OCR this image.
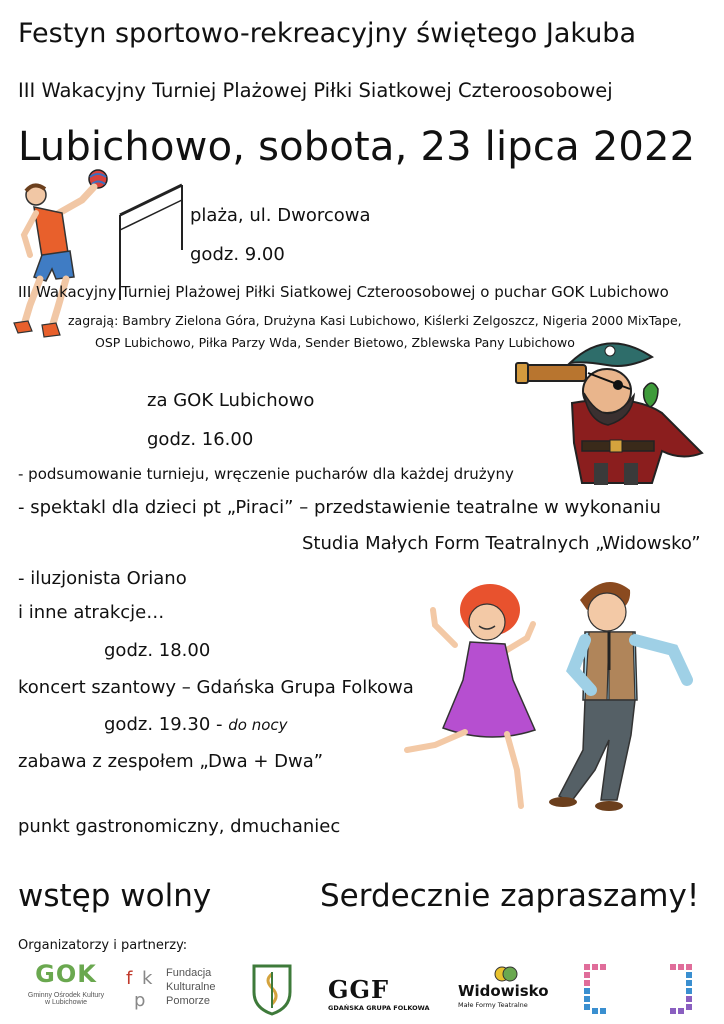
Festyn sportowo-rekreacyjny świętego Jakuba
III Wakacyjny Turniej Plażowej Piłki Siatkowej Czteroosobowej
Lubichowo, sobota, 23 lipca 2022
plaża, ul. Dworcowa
godz. 9.00
III Wakacyjny Turniej Plażowej Piłki Siatkowej Czteroosobowej o puchar GOK Lubichowo
zagrają: Bambry Zielona Góra, Drużyna Kasi Lubichowo, Kiślerki Zelgoszcz, Nigeria 2000 MixTape,
OSP Lubichowo, Piłka Parzy Wda, Sender Bietowo, Zblewska Pany Lubichowo
za GOK Lubichowo
godz. 16.00
- podsumowanie turnieju, wręczenie pucharów dla każdej drużyny
- spektakl dla dzieci pt „Piraci” – przedstawienie teatralne w wykonaniu
Studia Małych Form Teatralnych „Widowsko”
- iluzjonista Oriano
i inne atrakcje…
godz. 18.00
koncert szantowy – Gdańska Grupa Folkowa
godz. 19.30 - do nocy
zabawa z zespołem „Dwa + Dwa”
punkt gastronomiczny, dmuchaniec
wstęp wolny	Serdecznie zapraszamy!
Organizatorzy i partnerzy:
GOK
Gminny Ośrodek Kultury
w Lubichowie
f k
p
Fundacja
Kulturalne
Pomorze	GGF
GDAŃSKA GRUPA FOLKOWA
Widowisko
Małe Formy Teatralne
